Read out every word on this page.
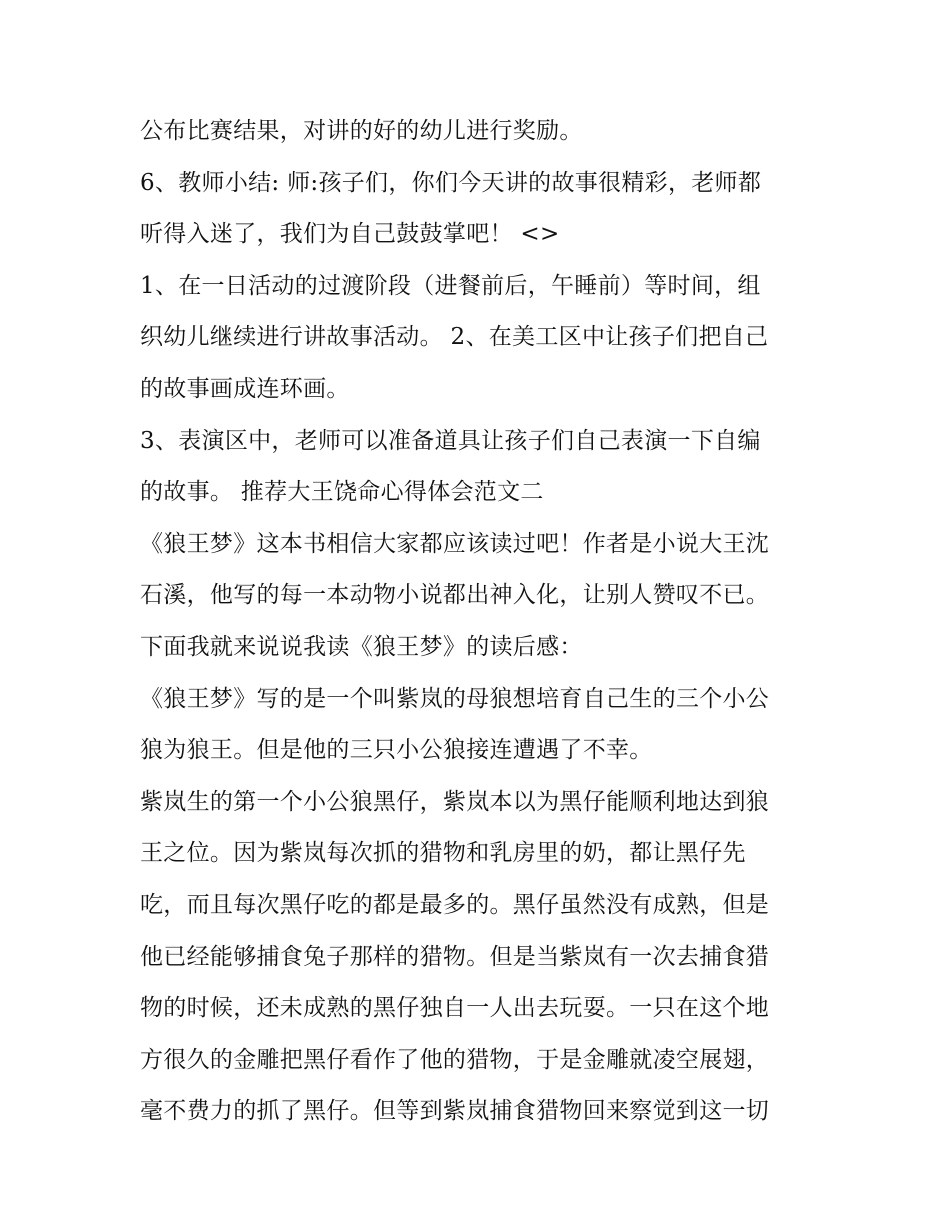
公布比赛结果，对讲的好的幼儿进行奖励。
6、教师小结: 师:孩子们，你们今天讲的故事很精彩，老师都
听得入迷了，我们为自己鼓鼓掌吧！ <>
1、在一日活动的过渡阶段（进餐前后，午睡前）等时间，组
织幼儿继续进行讲故事活动。 2、在美工区中让孩子们把自己
的故事画成连环画。
3、表演区中，老师可以准备道具让孩子们自己表演一下自编
的故事。 推荐大王饶命心得体会范文二
《狼王梦》这本书相信大家都应该读过吧！作者是小说大王沈
石溪，他写的每一本动物小说都出神入化，让别人赞叹不已。
下面我就来说说我读《狼王梦》的读后感：
《狼王梦》写的是一个叫紫岚的母狼想培育自己生的三个小公
狼为狼王。但是他的三只小公狼接连遭遇了不幸。
紫岚生的第一个小公狼黑仔，紫岚本以为黑仔能顺利地达到狼
王之位。因为紫岚每次抓的猎物和乳房里的奶，都让黑仔先
吃，而且每次黑仔吃的都是最多的。黑仔虽然没有成熟，但是
他已经能够捕食兔子那样的猎物。但是当紫岚有一次去捕食猎
物的时候，还未成熟的黑仔独自一人出去玩耍。一只在这个地
方很久的金雕把黑仔看作了他的猎物，于是金雕就凌空展翅，
毫不费力的抓了黑仔。但等到紫岚捕食猎物回来察觉到这一切
